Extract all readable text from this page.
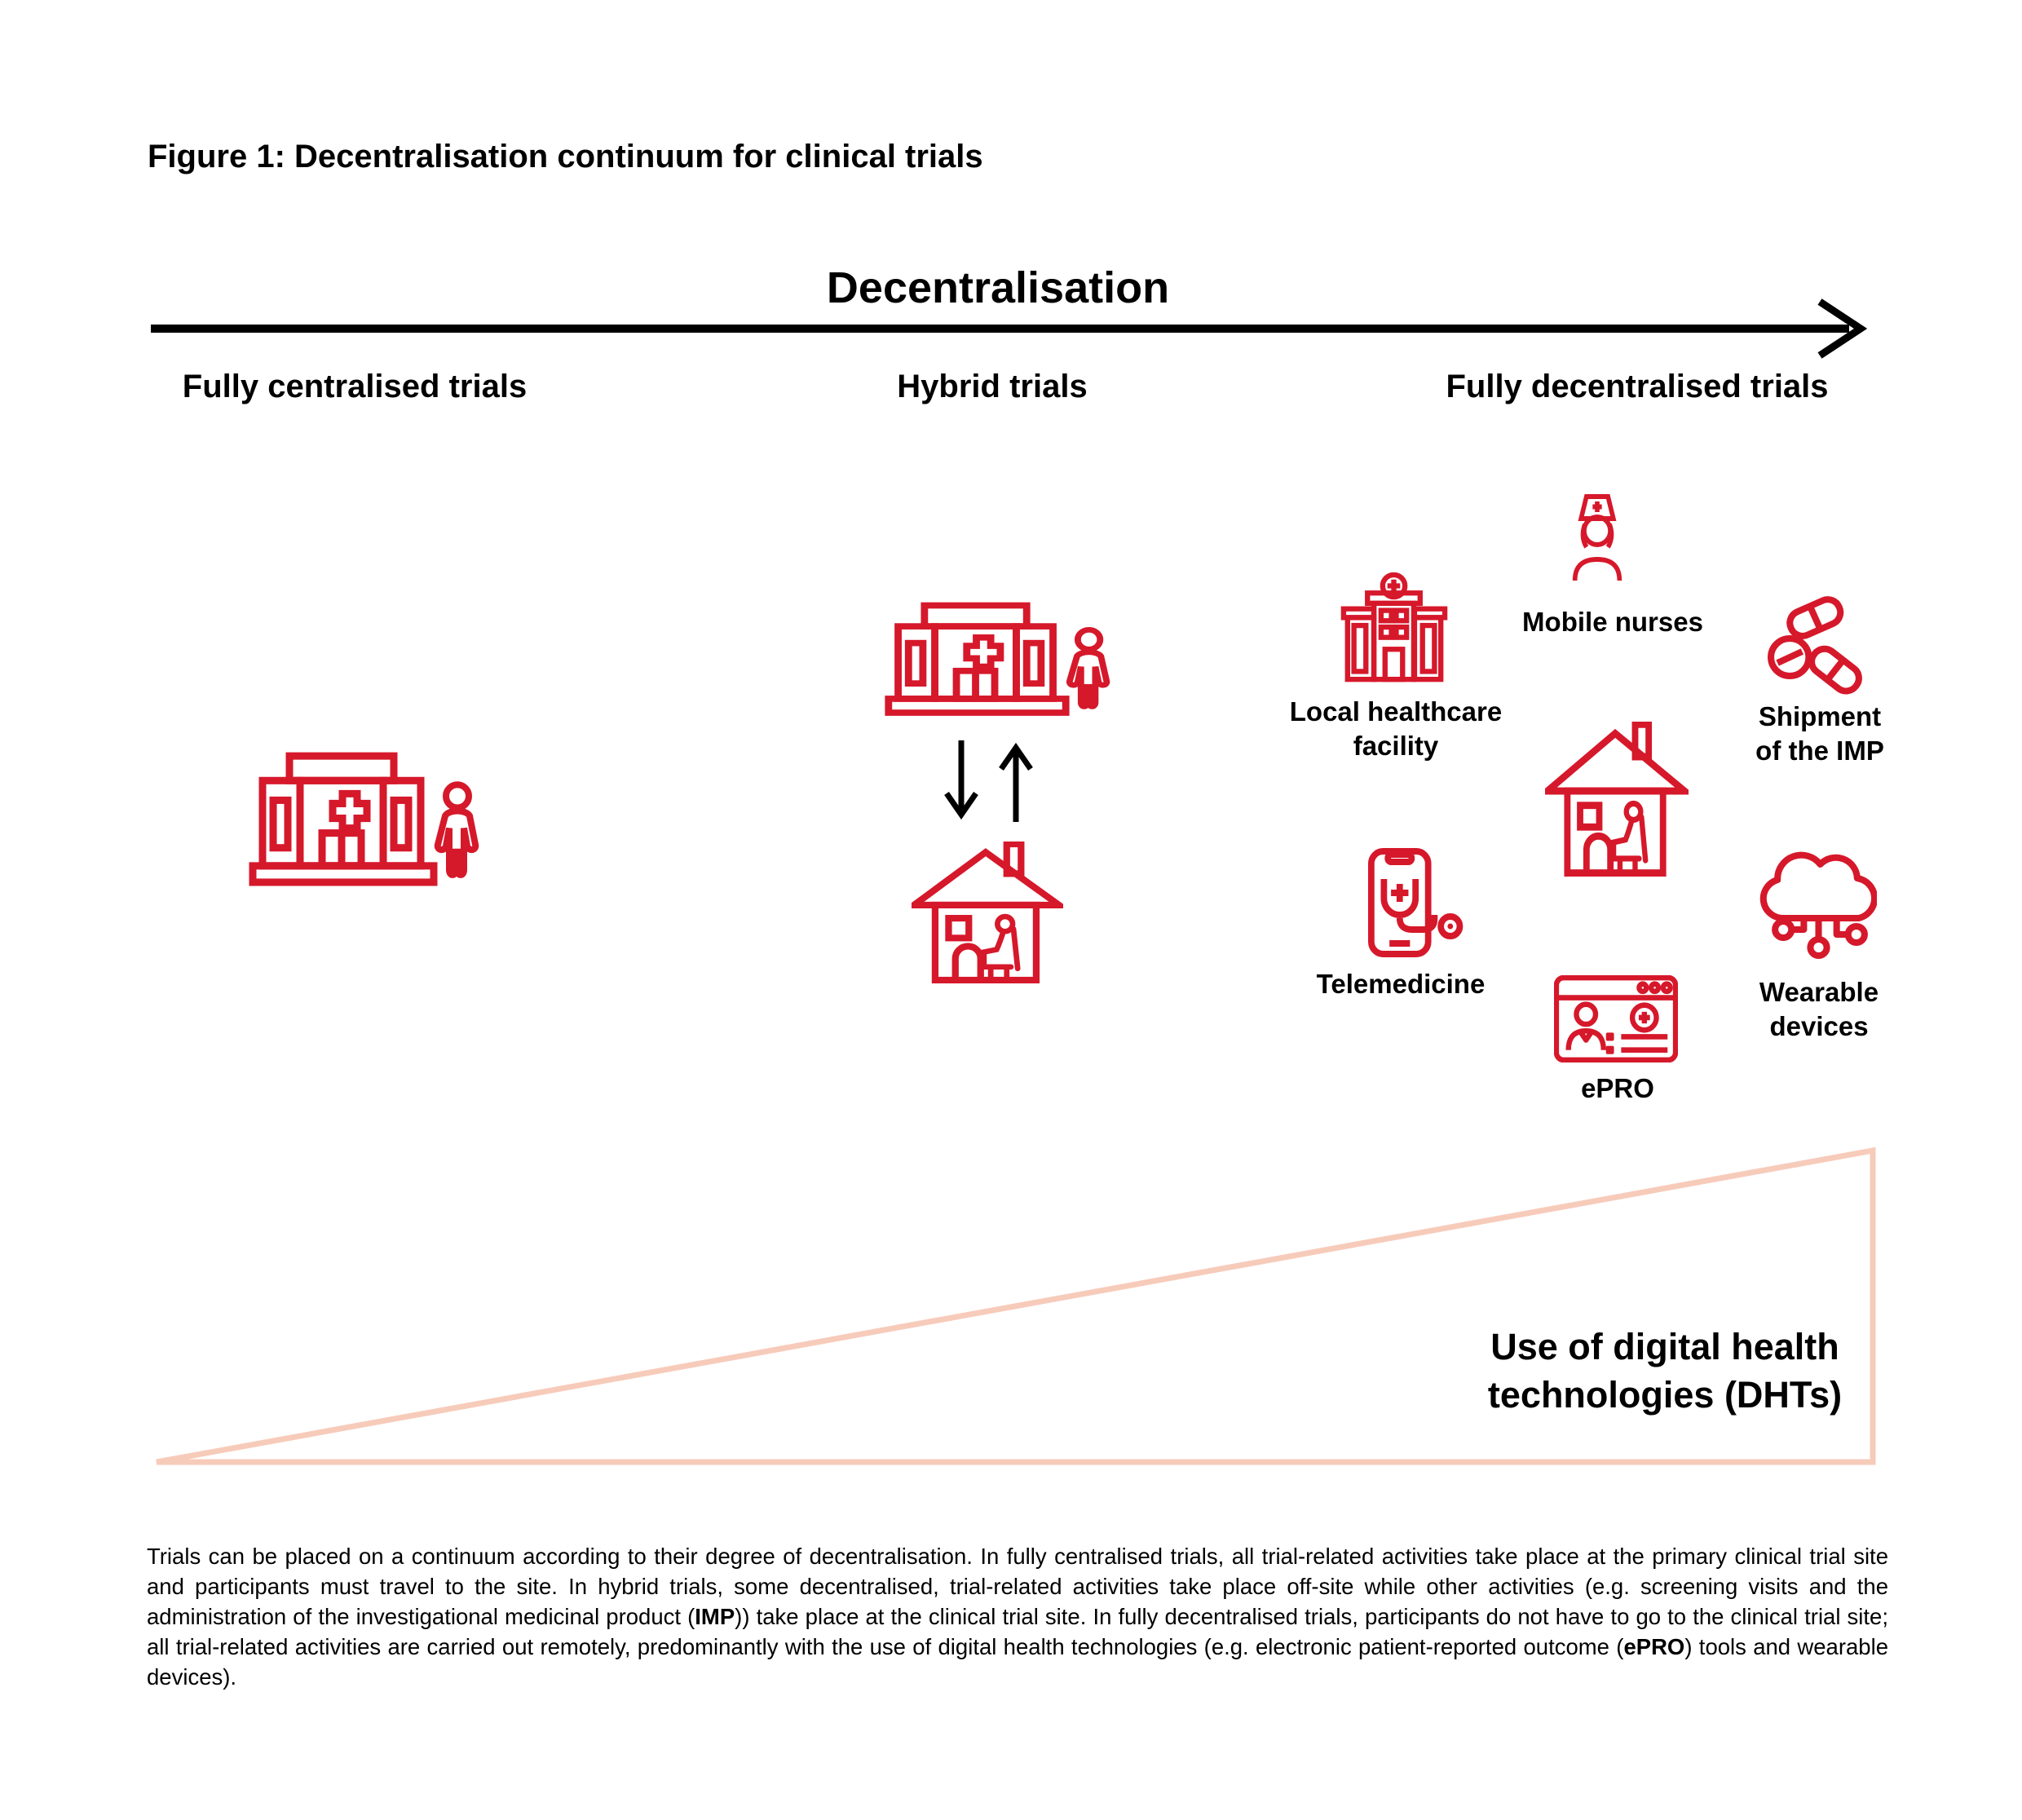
Figure 1: Decentralisation continuum for clinical trials
Decentralisation
Fully centralised trials	Hybrid trials	Fully decentralised trials
Local healthcare facility
Mobile nurses
Shipment of the IMP
Telemedicine
ePRO
Wearable devices
Use of digital health technologies (DHTs)
Trials can be placed on a continuum according to their degree of decentralisation. In fully centralised trials, all trial-related activities take place at the primary clinical trial site and participants must travel to the site. In hybrid trials, some decentralised, trial-related activities take place off-site while other activities (e.g. screening visits and the administration of the investigational medicinal product (IMP)) take place at the clinical trial site. In fully decentralised trials, participants do not have to go to the clinical trial site; all trial-related activities are carried out remotely, predominantly with the use of digital health technologies (e.g. electronic patient-reported outcome (ePRO) tools and wearable devices).
